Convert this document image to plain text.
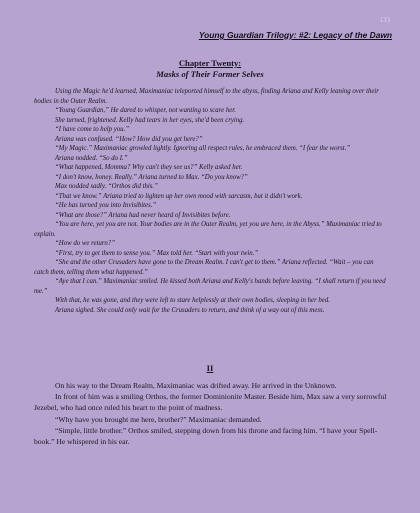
133
Young Guardian Trilogy: #2: Legacy of the Dawn
Chapter Twenty:
Masks of Their Former Selves

Using the Magic he'd learned, Maximaniac teleported himself to the abyss, finding Ariana and Kelly leaning over their bodies in the Outer Realm.

“Young Guardian,” He dared to whisper, not wanting to scare her.

She turned, frightened. Kelly had tears in her eyes, she'd been crying.

“I have come to help you.”

Ariana was confused. “How? How did you get here?”

“My Magic.” Maximaniac growled lightly. Ignoring all respect rules, he embraced them. “I fear the worst.”

Ariana nodded. “So do I.”

“What happened, Momma? Why can't they see us?” Kelly asked her.

“I don't know, honey. Really.” Ariana turned to Max. “Do you know?”

Max nodded sadly. “Orthos did this.”

“That we know.” Ariana tried to lighten up her own mood with sarcasm, but it didn't work.

“He has turned you into Invisibites.”

“What are those?” Ariana had never heard of Invisibites before.

“You are here, yet you are not. Your bodies are in the Outer Realm, yet you are here, in the Abyss.” Maximaniac tried to explain.

“How do we return?”

“First, try to get them to sense you.” Max told her. “Start with your twin.”

“She and the other Crusaders have gone to the Dream Realm. I can't get to them.” Ariana reflected. “Wait – you can catch them, telling them what happened.”

“Aye that I can.” Maximaniac smiled. He kissed both Ariana and Kelly's hands before leaving. “I shall return if you need me.”

With that, he was gone, and they were left to stare helplessly at their own bodies, sleeping in her bed.

Ariana sighed. She could only wait for the Crusaders to return, and think of a way out of this mess.

II

On his way to the Dream Realm, Maximaniac was drifted away. He arrived in the Unknown.

In front of him was a smiling Orthos, the former Dominionite Master. Beside him, Max saw a very sorrowful Jezebel, who had once ruled his heart to the point of madness.

“Why have you brought me here, brother?” Maximaniac demanded.

“Simple, little brother.” Orthos smiled, stepping down from his throne and facing him. “I have your Spell-book.” He whispered in his ear.
